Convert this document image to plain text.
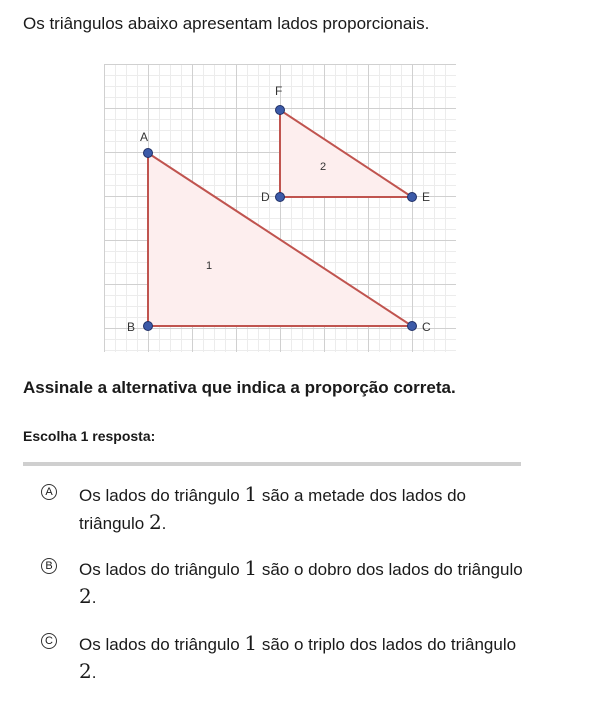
Os triângulos abaixo apresentam lados proporcionais.
A
B	C
D	E
F
1
2
Assinale a alternativa que indica a proporção correta.
Escolha 1 resposta:
A Os lados do triângulo 1 são a metade dos lados do triângulo 2.
B Os lados do triângulo 1 são o dobro dos lados do triângulo 2.
C Os lados do triângulo 1 são o triplo dos lados do triângulo 2.
